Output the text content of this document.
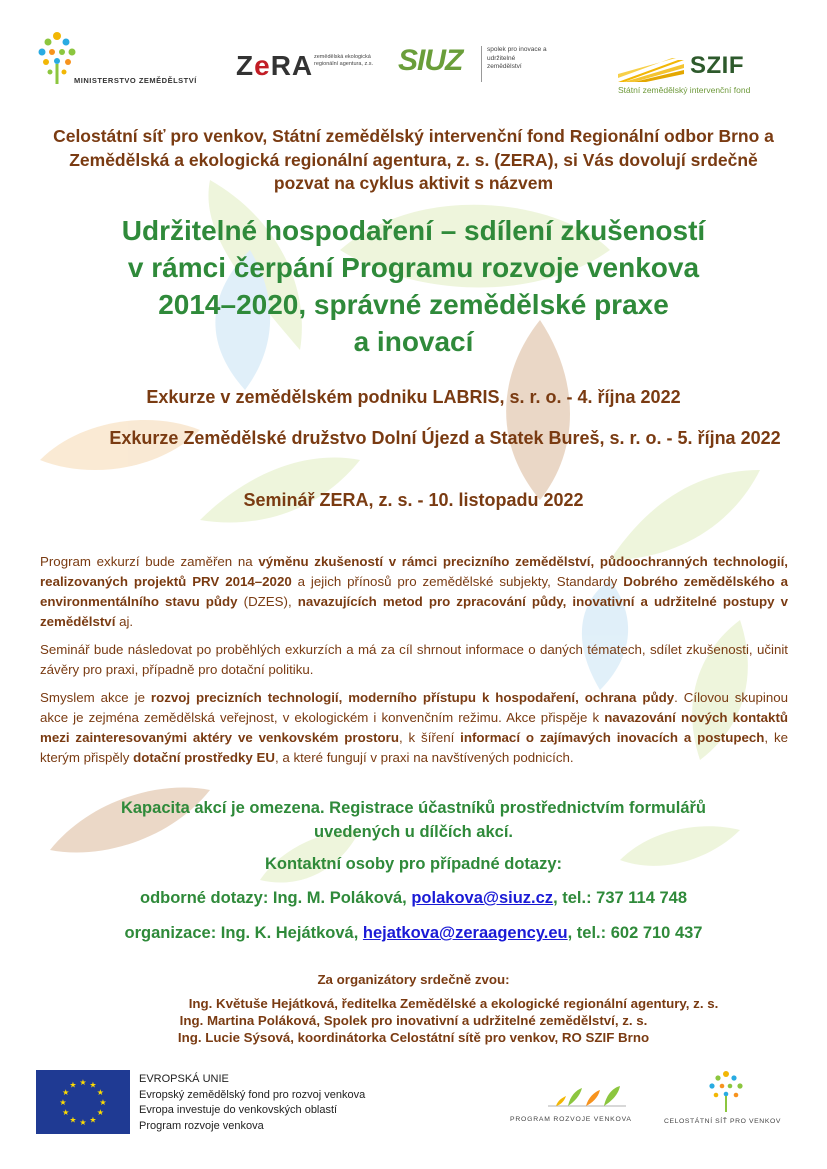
MINISTERSTVO ZEMĚDĚLSTVÍ ZeRA zemědělská ekologická regionální agentura, z.s. SIUZ	spolek pro inovace a udržitelné zemědělství	SZIF
Státní zemědělský intervenční fond
Celostátní síť pro venkov, Státní zemědělský intervenční fond Regionální odbor Brno a Zemědělská a ekologická regionální agentura, z. s. (ZERA), si Vás dovolují srdečně pozvat na cyklus aktivit s názvem
Udržitelné hospodaření – sdílení zkušeností
v rámci čerpání Programu rozvoje venkova
2014–2020, správné zemědělské praxe
a inovací
Exkurze v zemědělském podniku LABRIS, s. r. o. - 4. října 2022
Exkurze Zemědělské družstvo Dolní Újezd a Statek Bureš, s. r. o. - 5. října 2022
Seminář ZERA, z. s. - 10. listopadu 2022
Program exkurzí bude zaměřen na výměnu zkušeností v rámci precizního zemědělství, půdoochranných technologií, realizovaných projektů PRV 2014–2020 a jejich přínosů pro zemědělské subjekty, Standardy Dobrého zemědělského a environmentálního stavu půdy (DZES), navazujících metod pro zpracování půdy, inovativní a udržitelné postupy v zemědělství aj.
Seminář bude následovat po proběhlých exkurzích a má za cíl shrnout informace o daných tématech, sdílet zkušenosti, učinit závěry pro praxi, případně pro dotační politiku.
Smyslem akce je rozvoj precizních technologií, moderního přístupu k hospodaření, ochrana půdy. Cílovou skupinou akce je zejména zemědělská veřejnost, v ekologickém i konvenčním režimu. Akce přispěje k navazování nových kontaktů mezi zainteresovanými aktéry ve venkovském prostoru, k šíření informací o zajímavých inovacích a postupech, ke kterým přispěly dotační prostředky EU, a které fungují v praxi na navštívených podnicích.
Kapacita akcí je omezena. Registrace účastníků prostřednictvím formulářů
uvedených u dílčích akcí.
Kontaktní osoby pro případné dotazy:
odborné dotazy: Ing. M. Poláková, polakova@siuz.cz, tel.: 737 114 748
organizace: Ing. K. Hejátková, hejatkova@zeraagency.eu, tel.: 602 710 437
Za organizátory srdečně zvou:
Ing. Květuše Hejátková, ředitelka Zemědělské a ekologické regionální agentury, z. s.
Ing. Martina Poláková, Spolek pro inovativní a udržitelné zemědělství, z. s.
Ing. Lucie Sýsová, koordinátorka Celostátní sítě pro venkov, RO SZIF Brno
★ ★
★
★
★
★
★
★
★
★
★
★
EVROPSKÁ UNIE
Evropský zemědělský fond pro rozvoj venkova
Evropa investuje do venkovských oblastí
Program rozvoje venkova	PROGRAM ROZVOJE VENKOVA	CELOSTÁTNÍ SÍŤ PRO VENKOV
